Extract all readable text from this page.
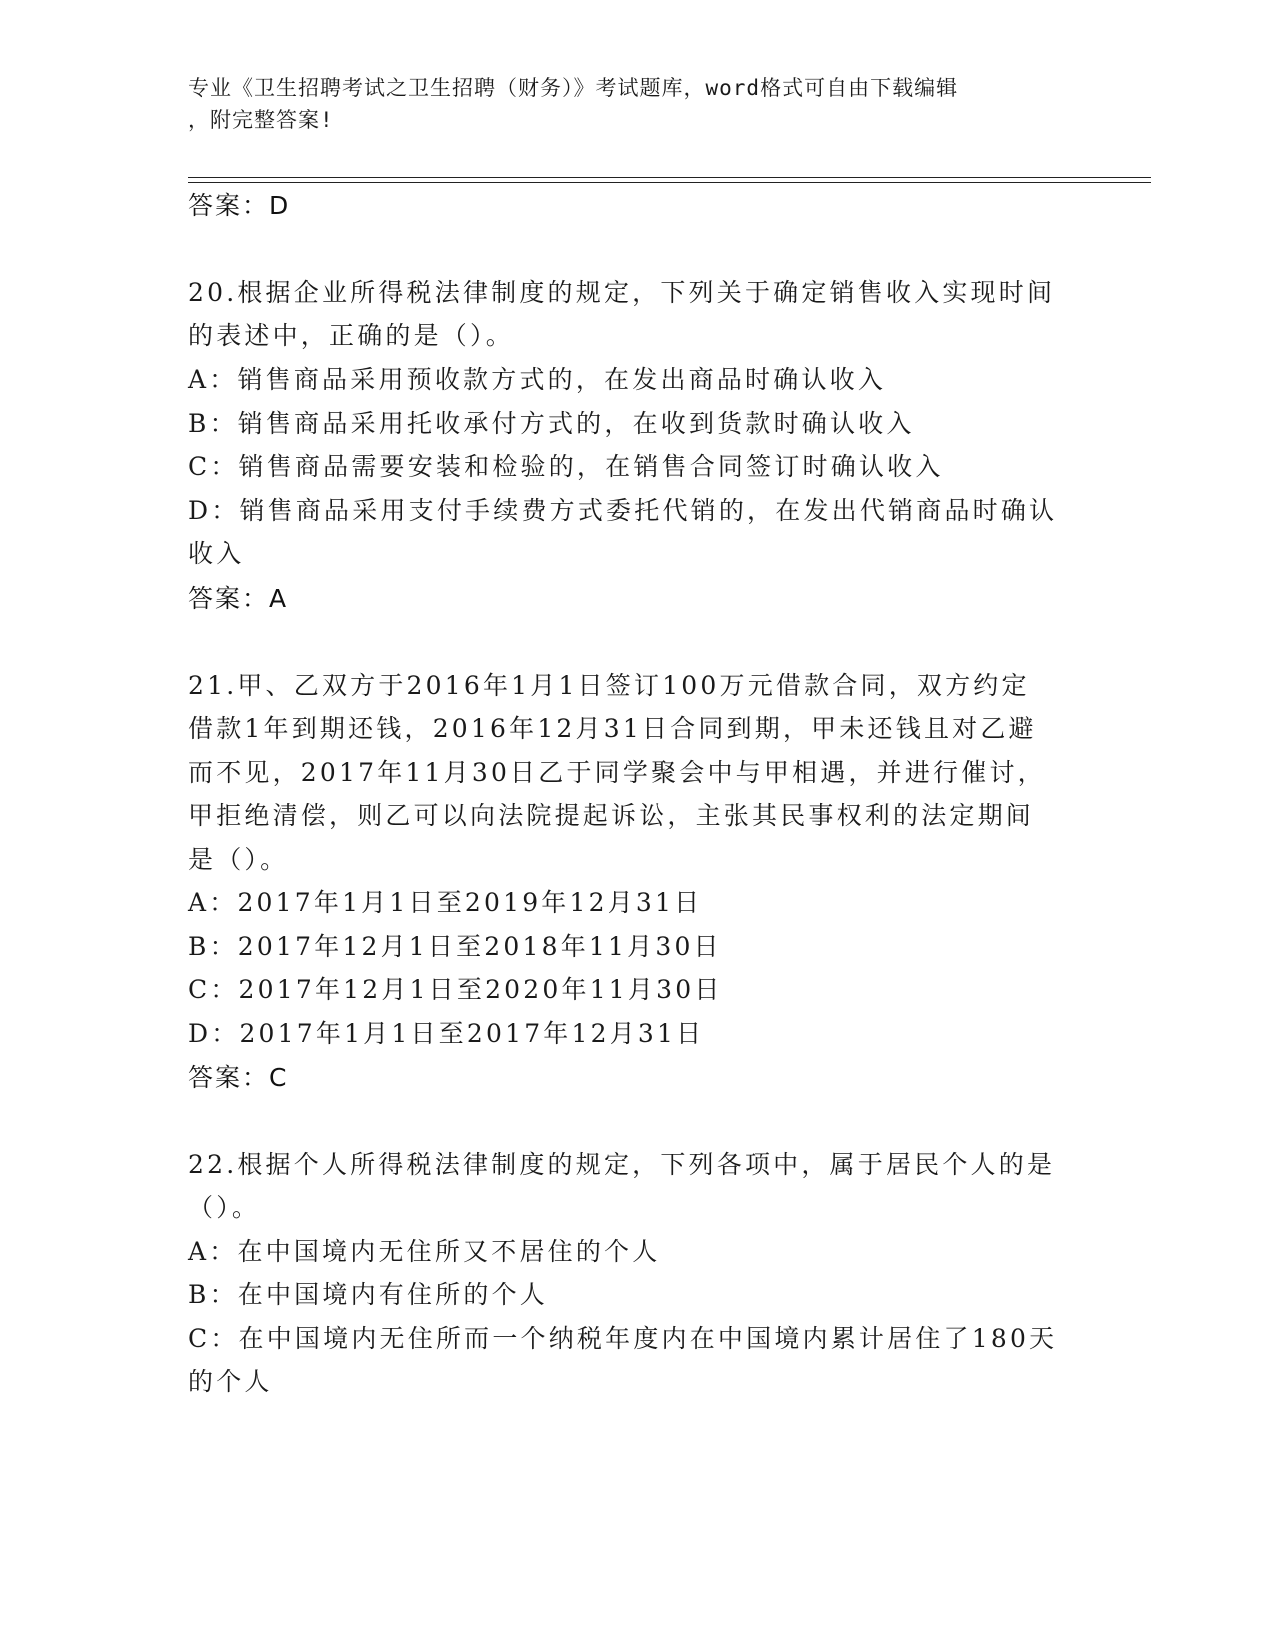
专业《卫生招聘考试之卫生招聘（财务）》考试题库，word格式可自由下载编辑
，附完整答案!
答案：D
20.根据企业所得税法律制度的规定，下列关于确定销售收入实现时间
的表述中，正确的是（）。
A：销售商品采用预收款方式的，在发出商品时确认收入
B：销售商品采用托收承付方式的，在收到货款时确认收入
C：销售商品需要安装和检验的，在销售合同签订时确认收入
D：销售商品采用支付手续费方式委托代销的，在发出代销商品时确认
收入
答案：A
21.甲、乙双方于2016年1月1日签订100万元借款合同，双方约定
借款1年到期还钱，2016年12月31日合同到期，甲未还钱且对乙避
而不见，2017年11月30日乙于同学聚会中与甲相遇，并进行催讨，
甲拒绝清偿，则乙可以向法院提起诉讼，主张其民事权利的法定期间
是（）。
A：2017年1月1日至2019年12月31日
B：2017年12月1日至2018年11月30日
C：2017年12月1日至2020年11月30日
D：2017年1月1日至2017年12月31日
答案：C
22.根据个人所得税法律制度的规定，下列各项中，属于居民个人的是
（）。
A：在中国境内无住所又不居住的个人
B：在中国境内有住所的个人
C：在中国境内无住所而一个纳税年度内在中国境内累计居住了180天
的个人
